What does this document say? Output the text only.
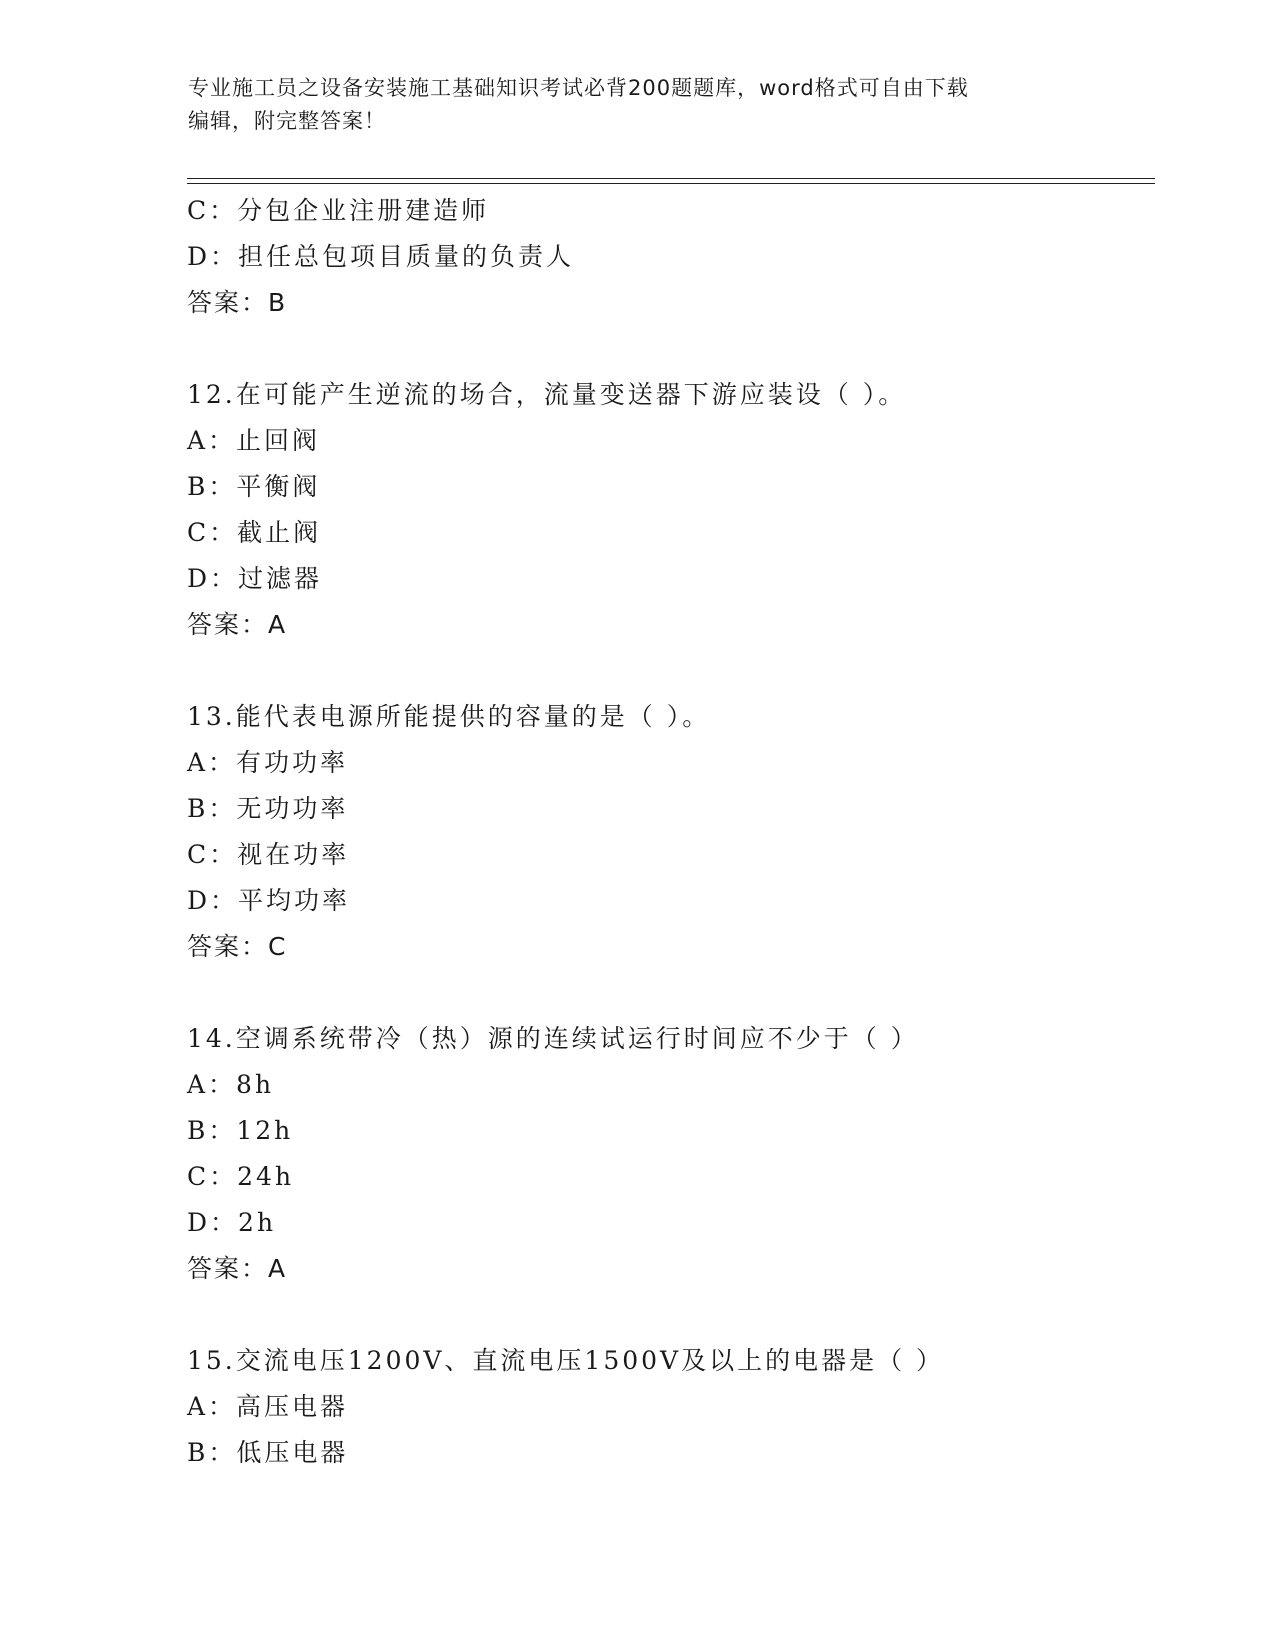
专业施工员之设备安装施工基础知识考试必背200题题库，word格式可自由下载
编辑，附完整答案！
C：分包企业注册建造师
D：担任总包项目质量的负责人
答案：B
12.在可能产生逆流的场合，流量变送器下游应装设（ ）。
A：止回阀
B：平衡阀
C：截止阀
D：过滤器
答案：A
13.能代表电源所能提供的容量的是（ ）。
A：有功功率
B：无功功率
C：视在功率
D：平均功率
答案：C
14.空调系统带冷（热）源的连续试运行时间应不少于（ ）
A：8h
B：12h
C：24h
D：2h
答案：A
15.交流电压1200V、直流电压1500V及以上的电器是（ ）
A：高压电器
B：低压电器
